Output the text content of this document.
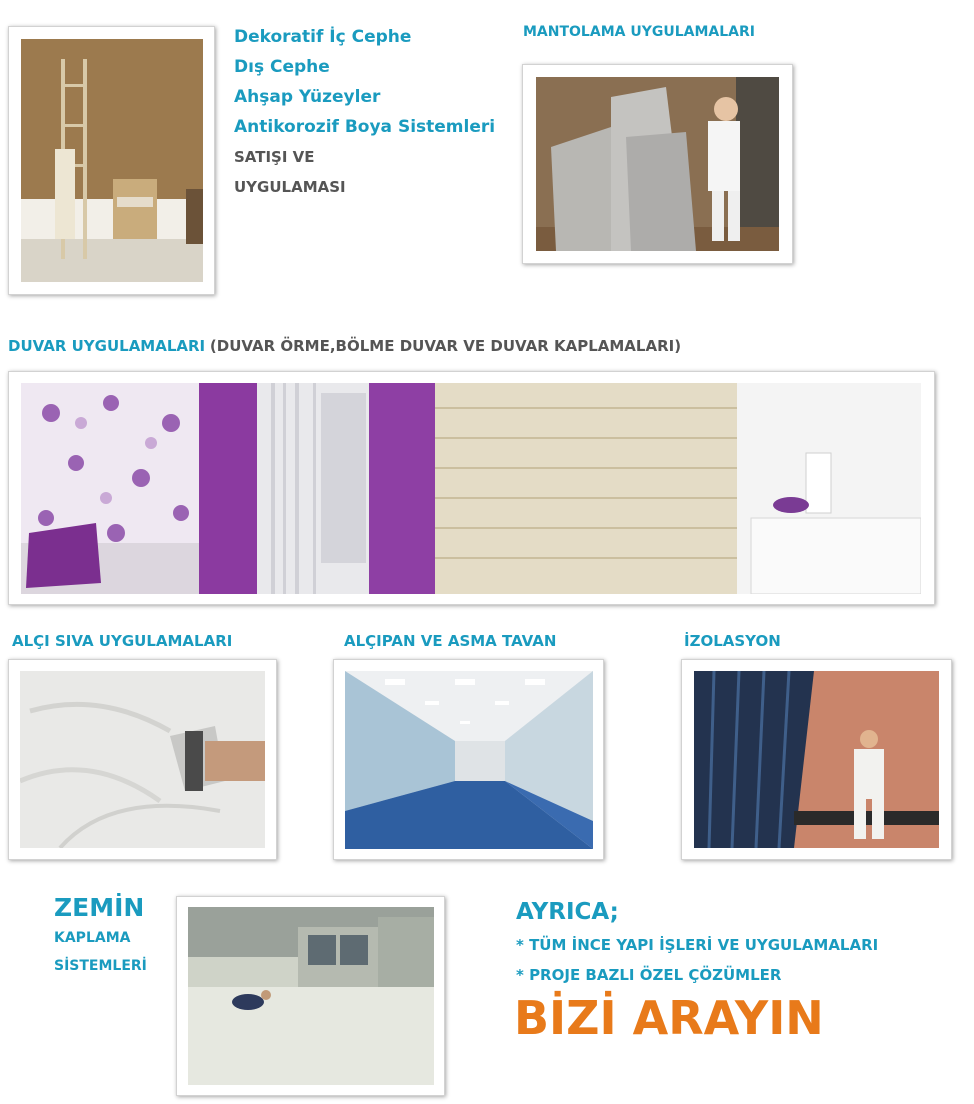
Dekoratif İç Cephe
Dış Cephe
Ahşap Yüzeyler
Antikorozif Boya Sistemleri
SATIŞI VE
UYGULAMASI
MANTOLAMA UYGULAMALARI
DUVAR UYGULAMALARI (DUVAR ÖRME,BÖLME DUVAR VE DUVAR KAPLAMALARI)
ALÇI SIVA UYGULAMALARI	ALÇIPAN VE ASMA TAVAN	İZOLASYON
ZEMİN
KAPLAMA
SİSTEMLERİ
AYRICA;
* TÜM İNCE YAPI İŞLERİ VE UYGULAMALARI
* PROJE BAZLI ÖZEL ÇÖZÜMLER
BİZİ ARAYIN
